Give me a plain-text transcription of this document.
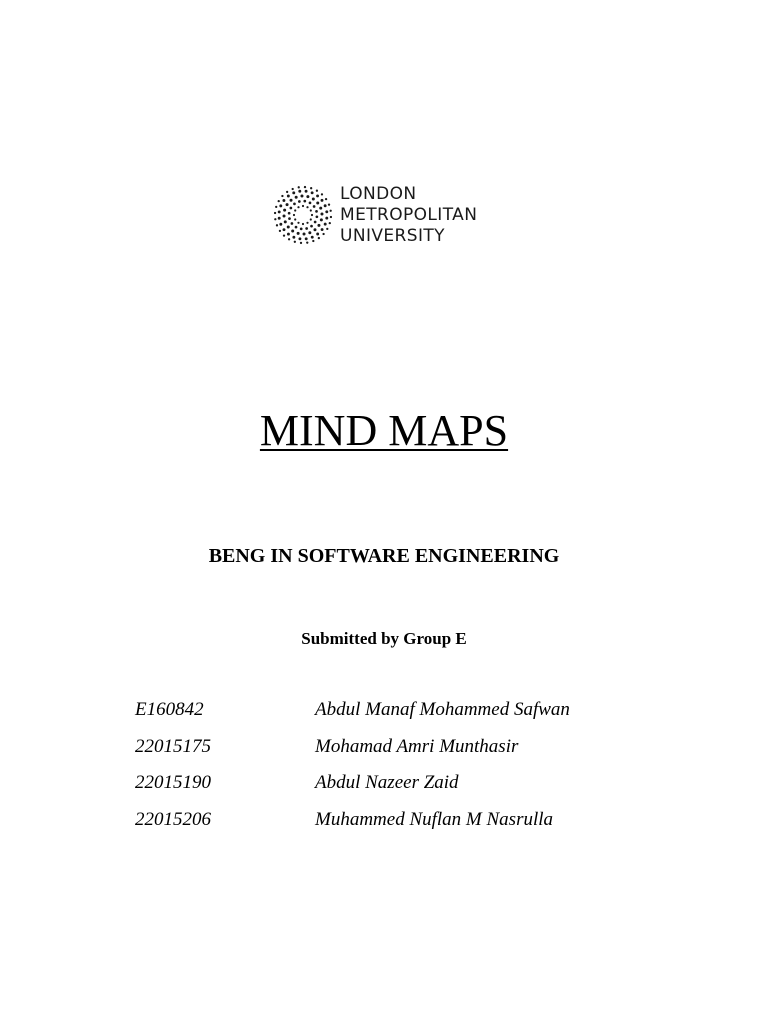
LONDON
METROPOLITAN
UNIVERSITY
MIND MAPS
BENG IN SOFTWARE ENGINEERING
Submitted by Group E
E160842	Abdul Manaf Mohammed Safwan
22015175	Mohamad Amri Munthasir
22015190	Abdul Nazeer Zaid
22015206	Muhammed Nuflan M Nasrulla
